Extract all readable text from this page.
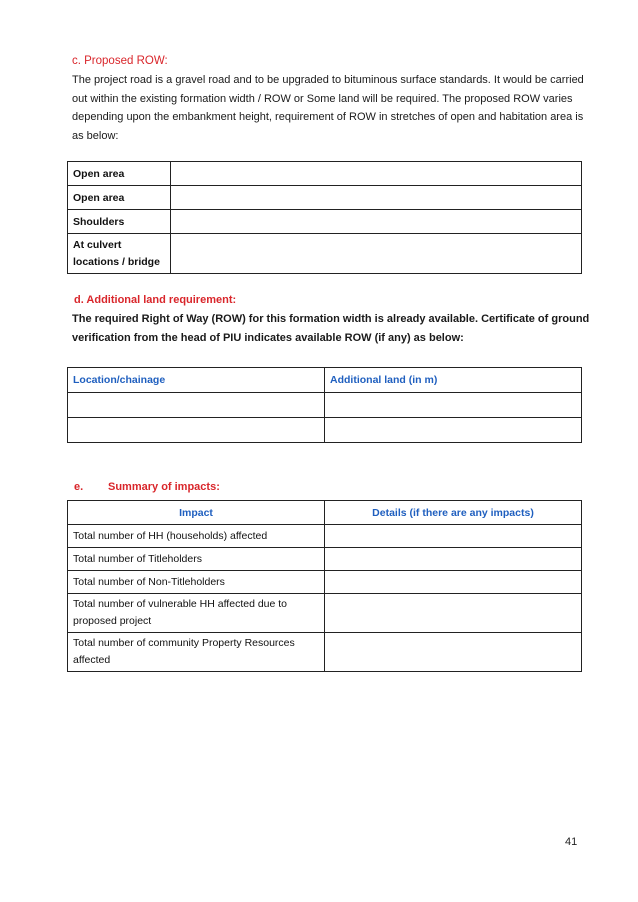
c. Proposed ROW:
The project road is a gravel road and to be upgraded to bituminous surface standards. It would be carried
out within the existing formation width / ROW or Some land will be required. The proposed ROW varies
depending upon the embankment height, requirement of ROW in stretches of open and habitation area is
as below:
Open area	
Open area	
Shoulders	

At culvert
locations / bridge	

d. Additional land requirement:
The required Right of Way (ROW) for this formation width is already available. Certificate of ground
verification from the head of PIU indicates available ROW (if any) as below:
Location/chainage	Additional land (in m)

e. Summary of impacts:
Impact	Details (if there are any impacts)
Total number of HH (households) affected	
Total number of Titleholders	
Total number of Non-Titleholders	

Total number of vulnerable HH affected due to
proposed project	

Total number of community Property Resources
affected	

41
